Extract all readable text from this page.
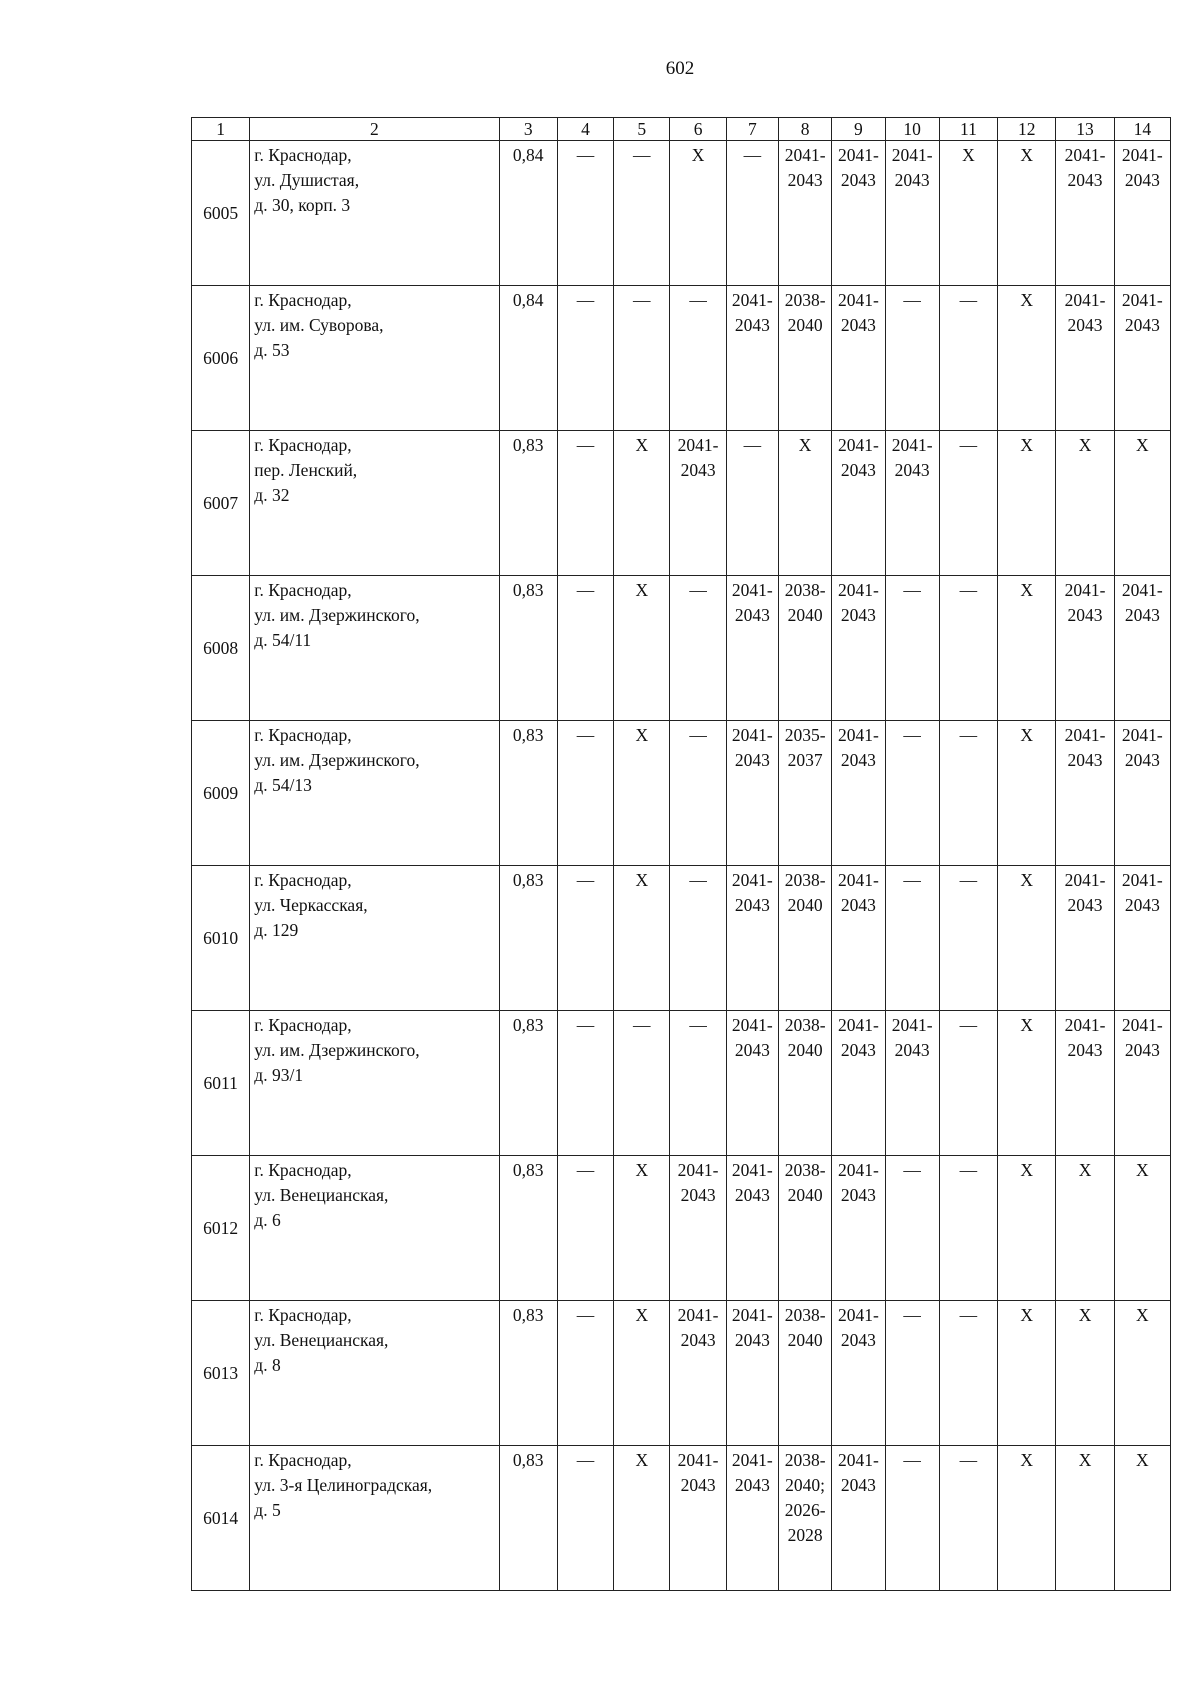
602
1	2	3	4	5	6	7	8	9	10	11	12	13	14
6005	г. Краснодар,
ул. Душистая,
д. 30, корп. 3	0,84	—	—	X	—	2041-2043	2041-2043	2041-2043	X	X	2041-2043	2041-2043
6006	г. Краснодар,
ул. им. Суворова,
д. 53	0,84	—	—	—	2041-2043	2038-2040	2041-2043	—	—	X	2041-2043	2041-2043
6007	г. Краснодар,
пер. Ленский,
д. 32	0,83	—	X	2041-2043	—	X	2041-2043	2041-2043	—	X	X	X
6008	г. Краснодар,
ул. им. Дзержинского,
д. 54/11	0,83	—	X	—	2041-2043	2038-2040	2041-2043	—	—	X	2041-2043	2041-2043
6009	г. Краснодар,
ул. им. Дзержинского,
д. 54/13	0,83	—	X	—	2041-2043	2035-2037	2041-2043	—	—	X	2041-2043	2041-2043
6010	г. Краснодар,
ул. Черкасская,
д. 129	0,83	—	X	—	2041-2043	2038-2040	2041-2043	—	—	X	2041-2043	2041-2043
6011	г. Краснодар,
ул. им. Дзержинского,
д. 93/1	0,83	—	—	—	2041-2043	2038-2040	2041-2043	2041-2043	—	X	2041-2043	2041-2043
6012	г. Краснодар,
ул. Венецианская,
д. 6	0,83	—	X	2041-2043	2041-2043	2038-2040	2041-2043	—	—	X	X	X
6013	г. Краснодар,
ул. Венецианская,
д. 8	0,83	—	X	2041-2043	2041-2043	2038-2040	2041-2043	—	—	X	X	X
6014	г. Краснодар,
ул. 3-я Целиноградская,
д. 5	0,83	—	X	2041-2043	2041-2043	2038-2040; 2026-2028	2041-2043	—	—	X	X	X
